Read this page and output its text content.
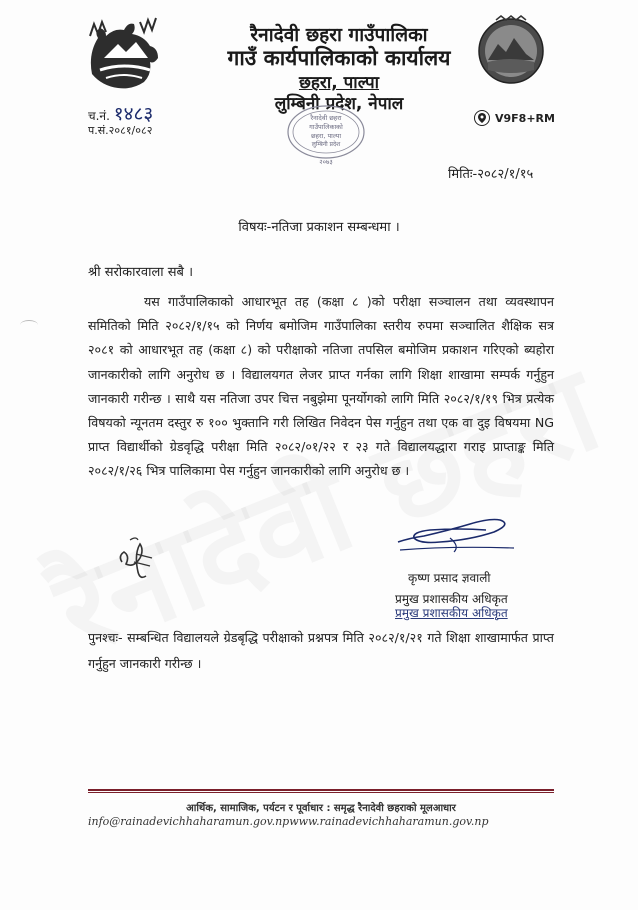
रैनादेवी छहरा गाउँपालिका
गाउँ कार्यपालिकाको कार्यालय
छहरा, पाल्पा
लुम्बिनी प्रदेश, नेपाल
च.नं. १४८३
प.सं.२०८१/०८२
रैनादेवी छहरा
गाउँपालिकाको
छहरा, पाल्पा
लुम्बिनी प्रदेश
२०७३
V9F8+RM
मितिः-२०८२/१/१५
विषयः-नतिजा प्रकाशन सम्बन्धमा ।
श्री सरोकारवाला सबै ।
यस गाउँपालिकाको आधारभूत तह (कक्षा ८ )को परीक्षा सञ्चालन तथा व्यवस्थापन समितिको मिति २०८२/१/१५ को निर्णय बमोजिम गाउँपालिका स्तरीय रुपमा सञ्चालित शैक्षिक सत्र २०८१ को आधारभूत तह (कक्षा ८) को परीक्षाको नतिजा तपसिल बमोजिम प्रकाशन गरिएको ब्यहोरा जानकारीको लागि अनुरोध छ । विद्यालयगत लेजर प्राप्त गर्नका लागि शिक्षा शाखामा सम्पर्क गर्नुहुन जानकारी गरीन्छ । साथै यस नतिजा उपर चित्त नबुझेमा पूनर्योगको लागि मिति २०८२/१/१९ भित्र प्रत्येक विषयको न्यूनतम दस्तुर रु १०० भुक्तानि गरी लिखित निवेदन पेस गर्नुहुन तथा एक वा दुइ विषयमा NG प्राप्त विद्यार्थीको ग्रेडवृद्धि परीक्षा मिति २०८२/०१/२२ र २३ गते विद्यालयद्धारा गराइ प्राप्ताङ्क मिति २०८२/१/२६ भित्र पालिकामा पेस गर्नुहुन जानकारीको लागि अनुरोध छ ।
कृष्ण प्रसाद ज्ञवाली
प्रमुख प्रशासकीय अधिकृत
प्रमुख प्रशासकीय अधिकृत
पुनश्चः- सम्बन्धित विद्यालयले ग्रेडबृद्धि परीक्षाको प्रश्नपत्र मिति २०८२/१/२१ गते शिक्षा शाखामार्फत प्राप्त गर्नुहुन जानकारी गरीन्छ ।
आर्थिक, सामाजिक, पर्यटन र पूर्वाधार : समृद्ध रैनादेवी छहराको मूलआधार
info@rainadevichhaharamun.gov.npwww.rainadevichhaharamun.gov.np
